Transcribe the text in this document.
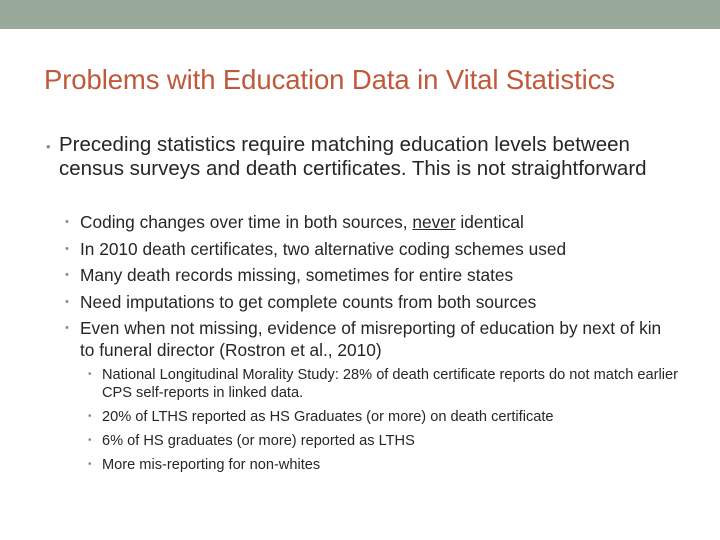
Problems with Education Data in Vital Statistics
• Preceding statistics require matching education levels between census surveys and death certificates. This is not straightforward
• Coding changes over time in both sources, never identical
• In 2010 death certificates, two alternative coding schemes used
• Many death records missing, sometimes for entire states
• Need imputations to get complete counts from both sources
• Even when not missing, evidence of misreporting of education by next of kin to funeral director (Rostron et al., 2010)
• National Longitudinal Morality Study: 28% of death certificate reports do not match earlier CPS self-reports in linked data.
• 20% of LTHS reported as HS Graduates (or more) on death certificate
• 6% of HS graduates (or more) reported as LTHS
• More mis-reporting for non-whites
